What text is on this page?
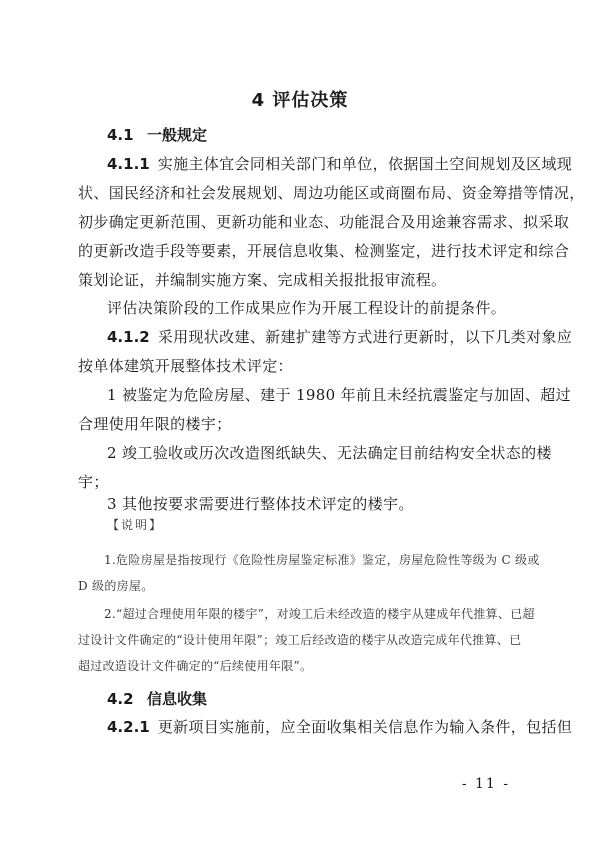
4 评估决策
4.1 一般规定
4.1.1 实施主体宜会同相关部门和单位，依据国土空间规划及区域现
状、国民经济和社会发展规划、周边功能区或商圈布局、资金筹措等情况，
初步确定更新范围、更新功能和业态、功能混合及用途兼容需求、拟采取
的更新改造手段等要素，开展信息收集、检测鉴定，进行技术评定和综合
策划论证，并编制实施方案、完成相关报批报审流程。
评估决策阶段的工作成果应作为开展工程设计的前提条件。
4.1.2 采用现状改建、新建扩建等方式进行更新时，以下几类对象应
按单体建筑开展整体技术评定：
1 被鉴定为危险房屋、建于 1980 年前且未经抗震鉴定与加固、超过
合理使用年限的楼宇；
2 竣工验收或历次改造图纸缺失、无法确定目前结构安全状态的楼
宇；
3 其他按要求需要进行整体技术评定的楼宇。
【说明】
1.危险房屋是指按现行《危险性房屋鉴定标准》鉴定，房屋危险性等级为 C 级或
D 级的房屋。
2.“超过合理使用年限的楼宇”，对竣工后未经改造的楼宇从建成年代推算、已超
过设计文件确定的“设计使用年限”；竣工后经改造的楼宇从改造完成年代推算、已
超过改造设计文件确定的“后续使用年限”。
4.2 信息收集
4.2.1 更新项目实施前，应全面收集相关信息作为输入条件，包括但
- 11 -
